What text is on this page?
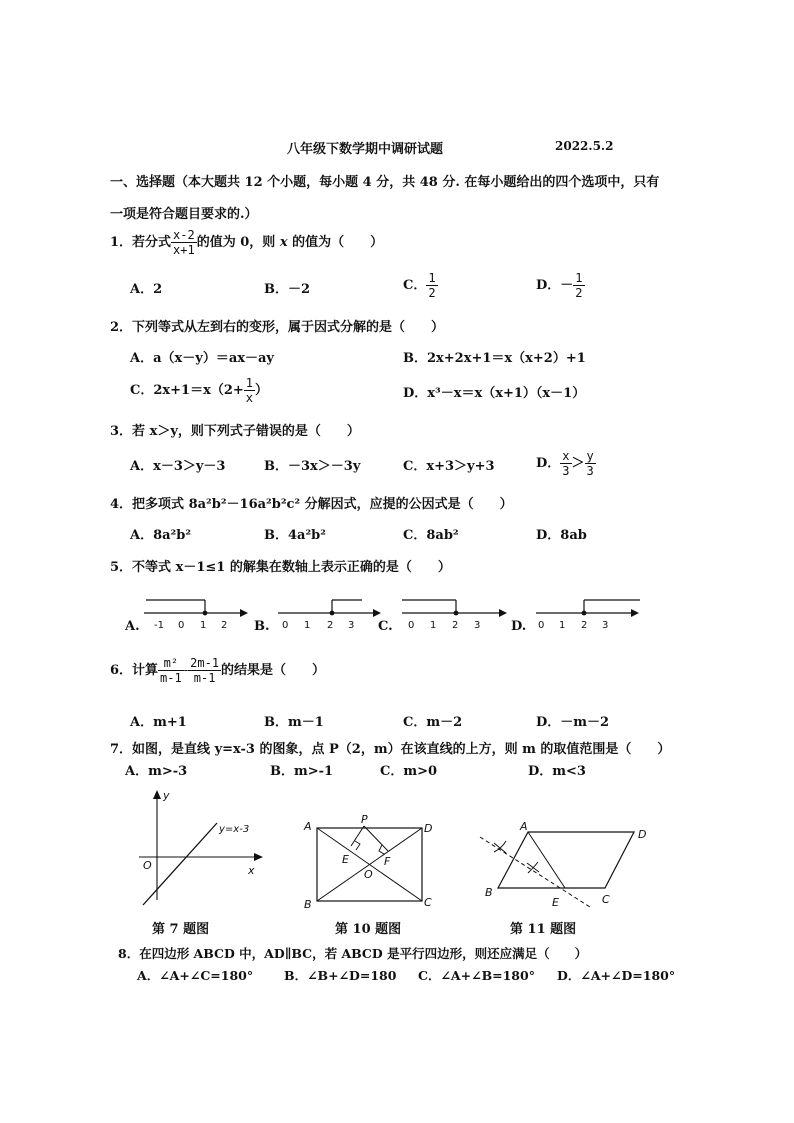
八年级下数学期中调研试题	2022.5.2
一、选择题（本大题共 12 个小题，每小题 4 分，共 48 分. 在每小题给出的四个选项中，只有
一项是符合题目要求的.）
1．若分式 $\frac{x-2}{x+1}$ 的值为 0，则 x 的值为（　　）
A．2	B．－2	C． $\frac{1}{2}$	D．－ $\frac{1}{2}$
2．下列等式从左到右的变形，属于因式分解的是（　　）
A．a（x－y）＝ax－ay	B．2x+2x+1＝x（x+2）+1
C．$2x+1=x(2+ \frac{1}{x}$ ）	D．x³－x＝x（x+1）（x－1）
3．若 x＞y，则下列式子错误的是（　　）
A．x－3＞y－3	B．－3x＞－3y	C．x+3＞y+3	D． $\frac{x}{3} > \frac{y}{3}$
4．把多项式 8a²b²－16a²b²c² 分解因式，应提的公因式是（　　）
A．8a²b²	B．4a²b²	C．8ab²	D．8ab
5．不等式 x－1≤1 的解集在数轴上表示正确的是（　　）
A.	B.	C.	D.
-1 0 1 2	0 1 2 3	0 1 2 3	0 1 2 3
6．计算 $\frac{\text{m²}}{m-1} - \frac{2m-1}{m-1}$ 的结果是（　　）
A．m+1	B．m－1	C．m－2	D．－m－2
7．如图，是直线 y=x-3 的图象，点 P（2，m）在该直线的上方，则 m 的取值范围是（　　）
A．m>-3	B．m>-1	C．m>0	D．m<3
y
x
O
y=x-3
第 7 题图
A	D
B	C
P
E	F
O
第 10 题图
A
D
B
C
E
第 11 题图
8．在四边形 ABCD 中，AD∥BC，若 ABCD 是平行四边形，则还应满足（　　）
A．∠A+∠C=180° B．∠B+∠D=180 C．∠A+∠B=180° D．∠A+∠D=180°
